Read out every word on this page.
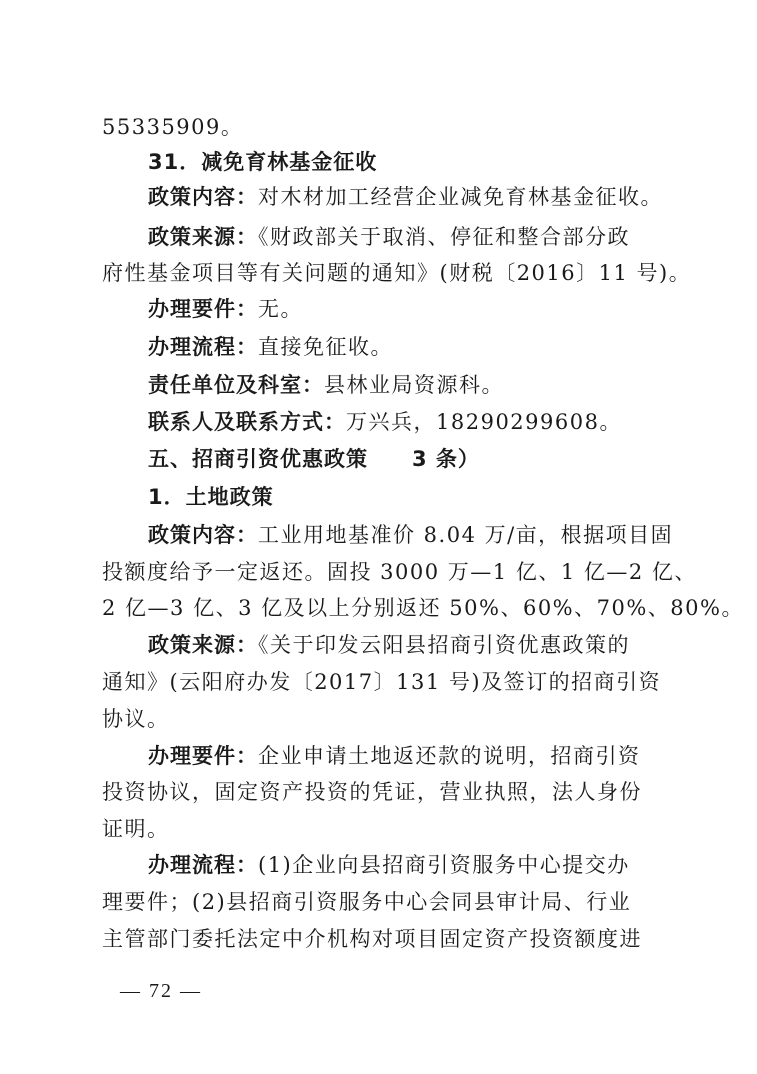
55335909。
31．减免育林基金征收
政策内容：对木材加工经营企业减免育林基金征收。
政策来源：《财政部关于取消、停征和整合部分政
府性基金项目等有关问题的通知》(财税〔2016〕11 号)。
办理要件：无。
办理流程：直接免征收。
责任单位及科室：县林业局资源科。
联系人及联系方式：万兴兵，18290299608。
五、招商引资优惠政策　　3 条）
1．土地政策
政策内容：工业用地基准价 8.04 万/亩，根据项目固
投额度给予一定返还。固投 3000 万—1 亿、1 亿—2 亿、
2 亿—3 亿、3 亿及以上分别返还 50%、60%、70%、80%。
政策来源：《关于印发云阳县招商引资优惠政策的
通知》(云阳府办发〔2017〕131 号)及签订的招商引资
协议。
办理要件：企业申请土地返还款的说明，招商引资
投资协议，固定资产投资的凭证，营业执照，法人身份
证明。
办理流程：(1)企业向县招商引资服务中心提交办
理要件；(2)县招商引资服务中心会同县审计局、行业
主管部门委托法定中介机构对项目固定资产投资额度进
— 72 —
